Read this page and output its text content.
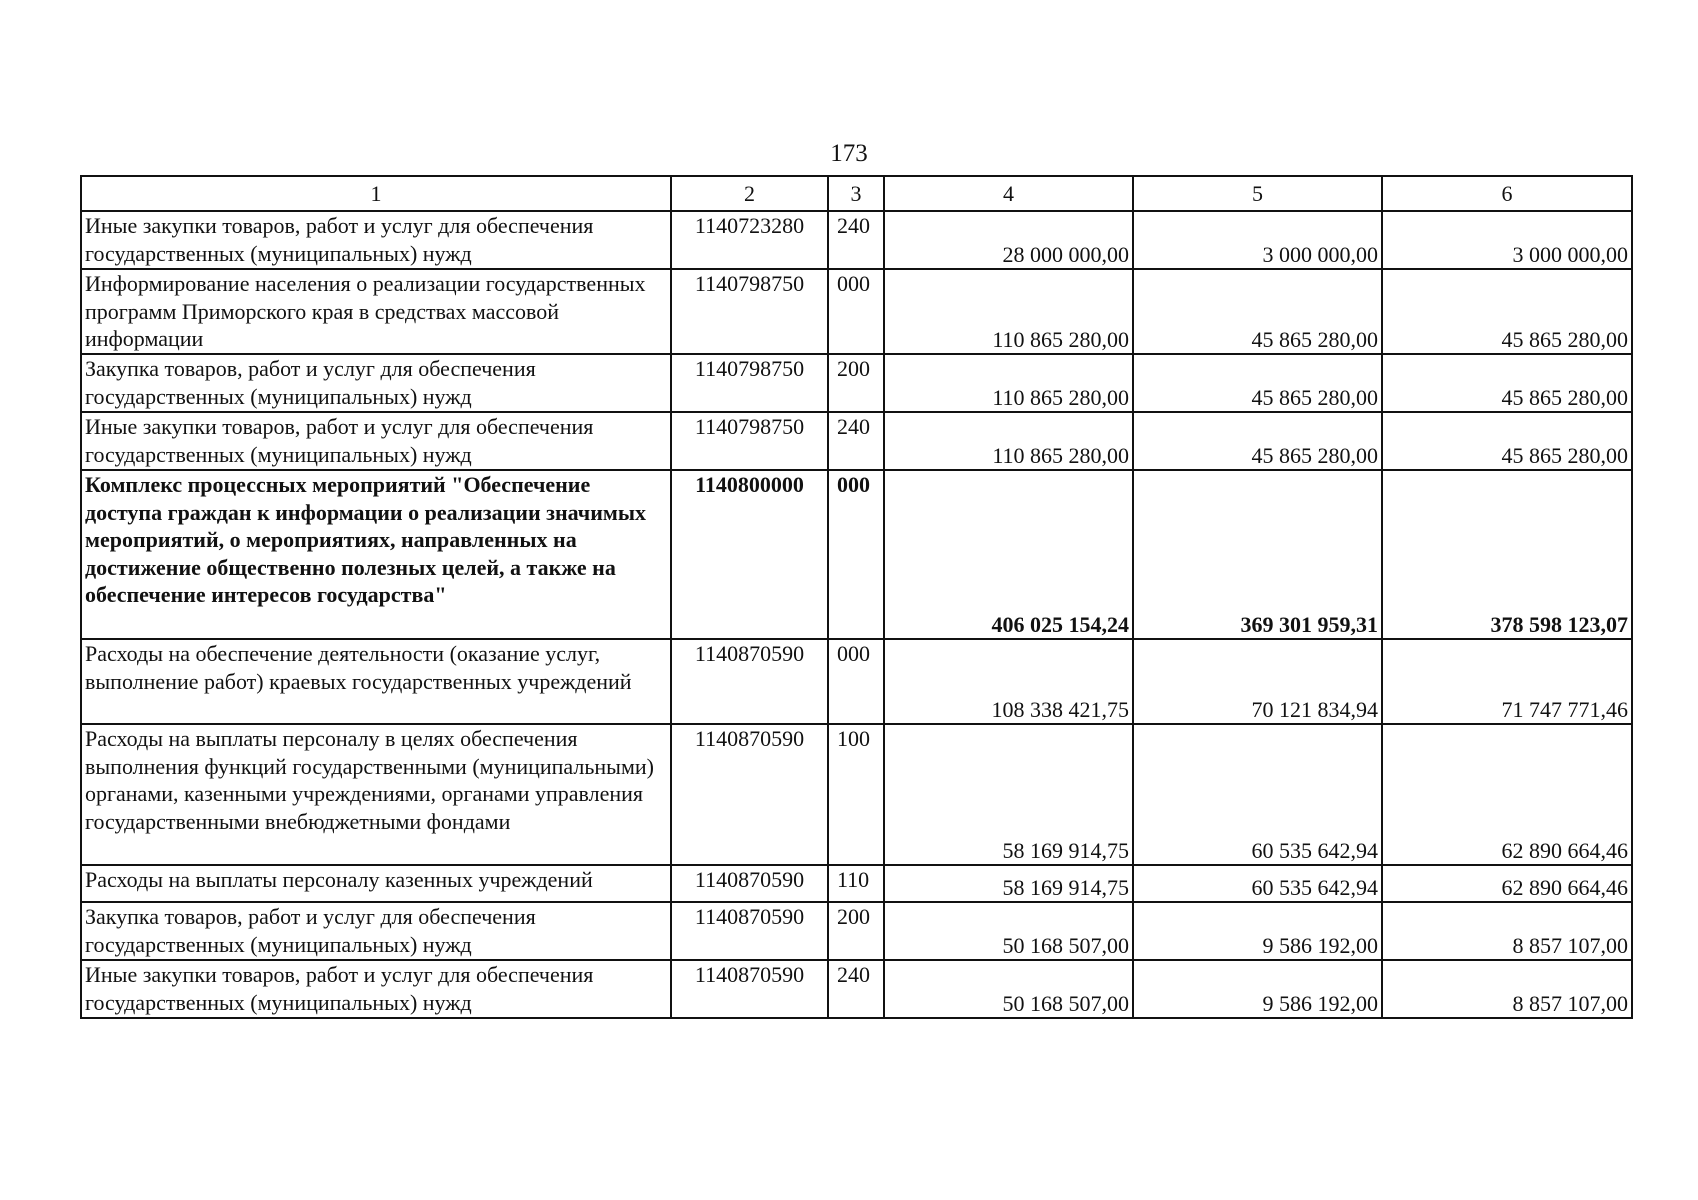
173
1	2	3	4	5	6
Иные закупки товаров, работ и услуг для обеспечения государственных (муниципальных) нужд	1140723280	240	28 000 000,00	3 000 000,00	3 000 000,00
Информирование населения о реализации государственных программ Приморского края в средствах массовой информации	1140798750	000	110 865 280,00	45 865 280,00	45 865 280,00
Закупка товаров, работ и услуг для обеспечения государственных (муниципальных) нужд	1140798750	200	110 865 280,00	45 865 280,00	45 865 280,00
Иные закупки товаров, работ и услуг для обеспечения государственных (муниципальных) нужд	1140798750	240	110 865 280,00	45 865 280,00	45 865 280,00
Комплекс процессных мероприятий "Обеспечение доступа граждан к информации о реализации значимых мероприятий, о мероприятиях, направленных на достижение общественно полезных целей, а также на обеспечение интересов государства"	1140800000	000	406 025 154,24	369 301 959,31	378 598 123,07
Расходы на обеспечение деятельности (оказание услуг, выполнение работ) краевых государственных учреждений	1140870590	000	108 338 421,75	70 121 834,94	71 747 771,46
Расходы на выплаты персоналу в целях обеспечения выполнения функций государственными (муниципальными) органами, казенными учреждениями, органами управления государственными внебюджетными фондами	1140870590	100	58 169 914,75	60 535 642,94	62 890 664,46
Расходы на выплаты персоналу казенных учреждений	1140870590	110	58 169 914,75	60 535 642,94	62 890 664,46
Закупка товаров, работ и услуг для обеспечения государственных (муниципальных) нужд	1140870590	200	50 168 507,00	9 586 192,00	8 857 107,00
Иные закупки товаров, работ и услуг для обеспечения государственных (муниципальных) нужд	1140870590	240	50 168 507,00	9 586 192,00	8 857 107,00
